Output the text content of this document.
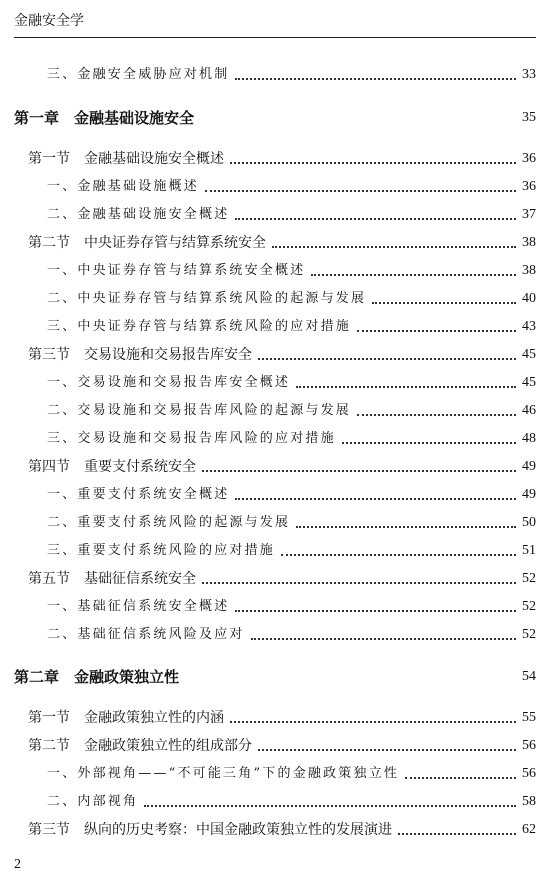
金融安全学
三、金融安全威胁应对机制	33
第一章　金融基础设施安全	35
第一节　金融基础设施安全概述	36
一、金融基础设施概述	36
二、金融基础设施安全概述	37
第二节　中央证券存管与结算系统安全	38
一、中央证券存管与结算系统安全概述	38
二、中央证券存管与结算系统风险的起源与发展	40
三、中央证券存管与结算系统风险的应对措施	43
第三节　交易设施和交易报告库安全	45
一、交易设施和交易报告库安全概述	45
二、交易设施和交易报告库风险的起源与发展	46
三、交易设施和交易报告库风险的应对措施	48
第四节　重要支付系统安全	49
一、重要支付系统安全概述	49
二、重要支付系统风险的起源与发展	50
三、重要支付系统风险的应对措施	51
第五节　基础征信系统安全	52
一、基础征信系统安全概述	52
二、基础征信系统风险及应对	52
第二章　金融政策独立性	54
第一节　金融政策独立性的内涵	55
第二节　金融政策独立性的组成部分	56
一、外部视角——“不可能三角”下的金融政策独立性	56
二、内部视角	58
第三节　纵向的历史考察：中国金融政策独立性的发展演进	62
2
